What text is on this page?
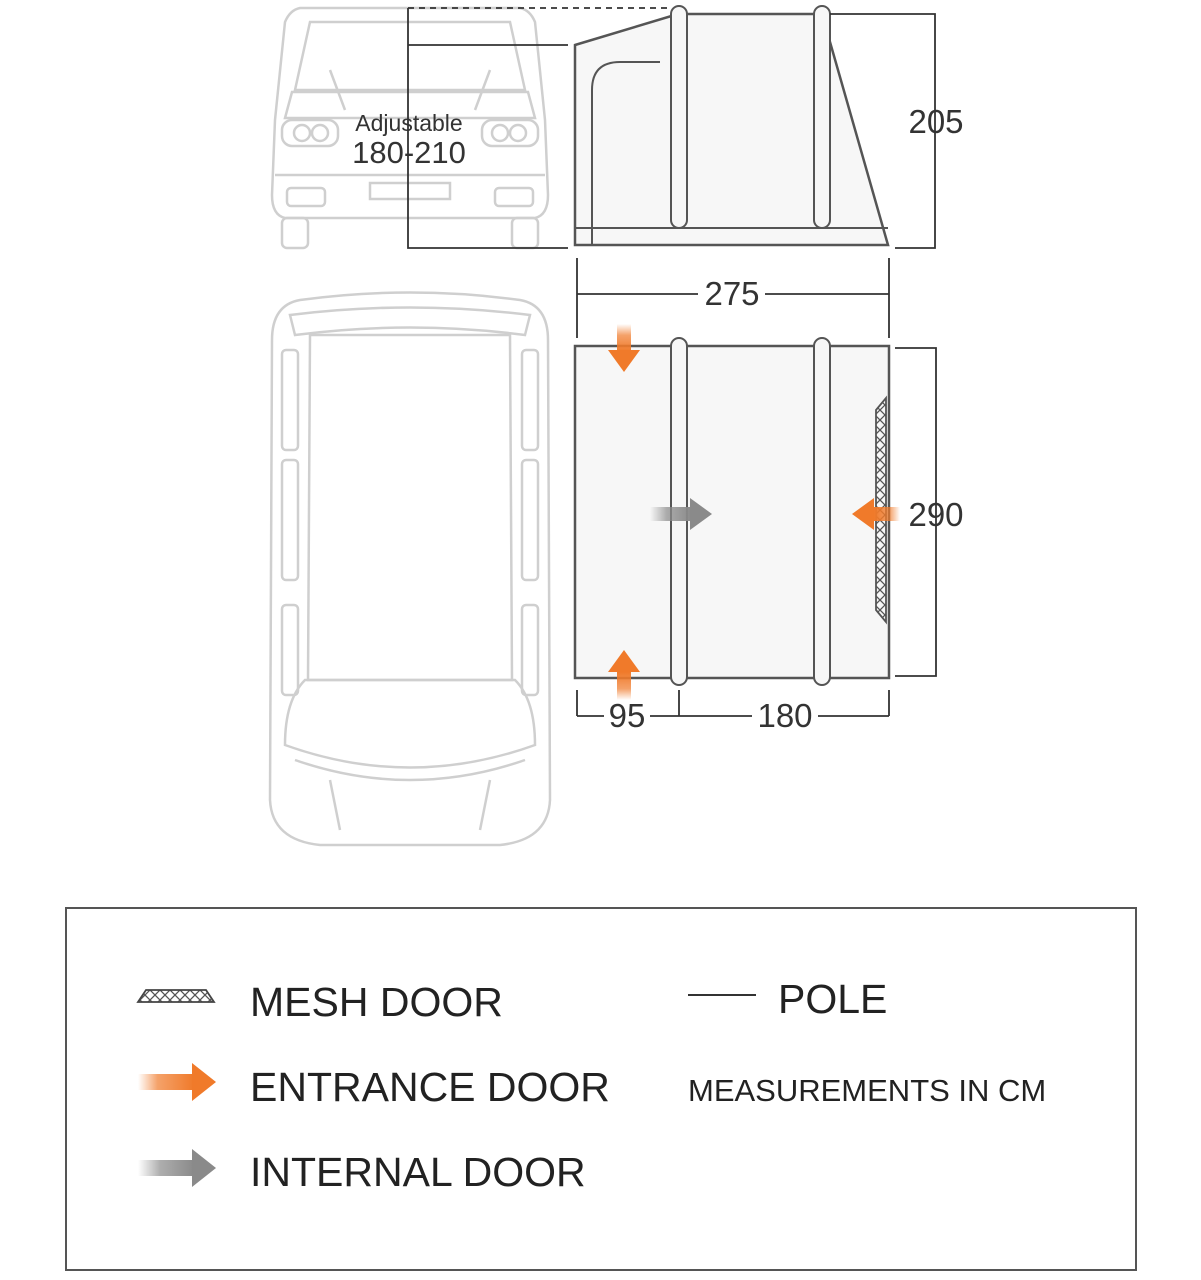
Adjustable
180-210
205
275
290
95	180
MESH DOOR
ENTRANCE DOOR
INTERNAL DOOR
POLE
MEASUREMENTS IN CM
